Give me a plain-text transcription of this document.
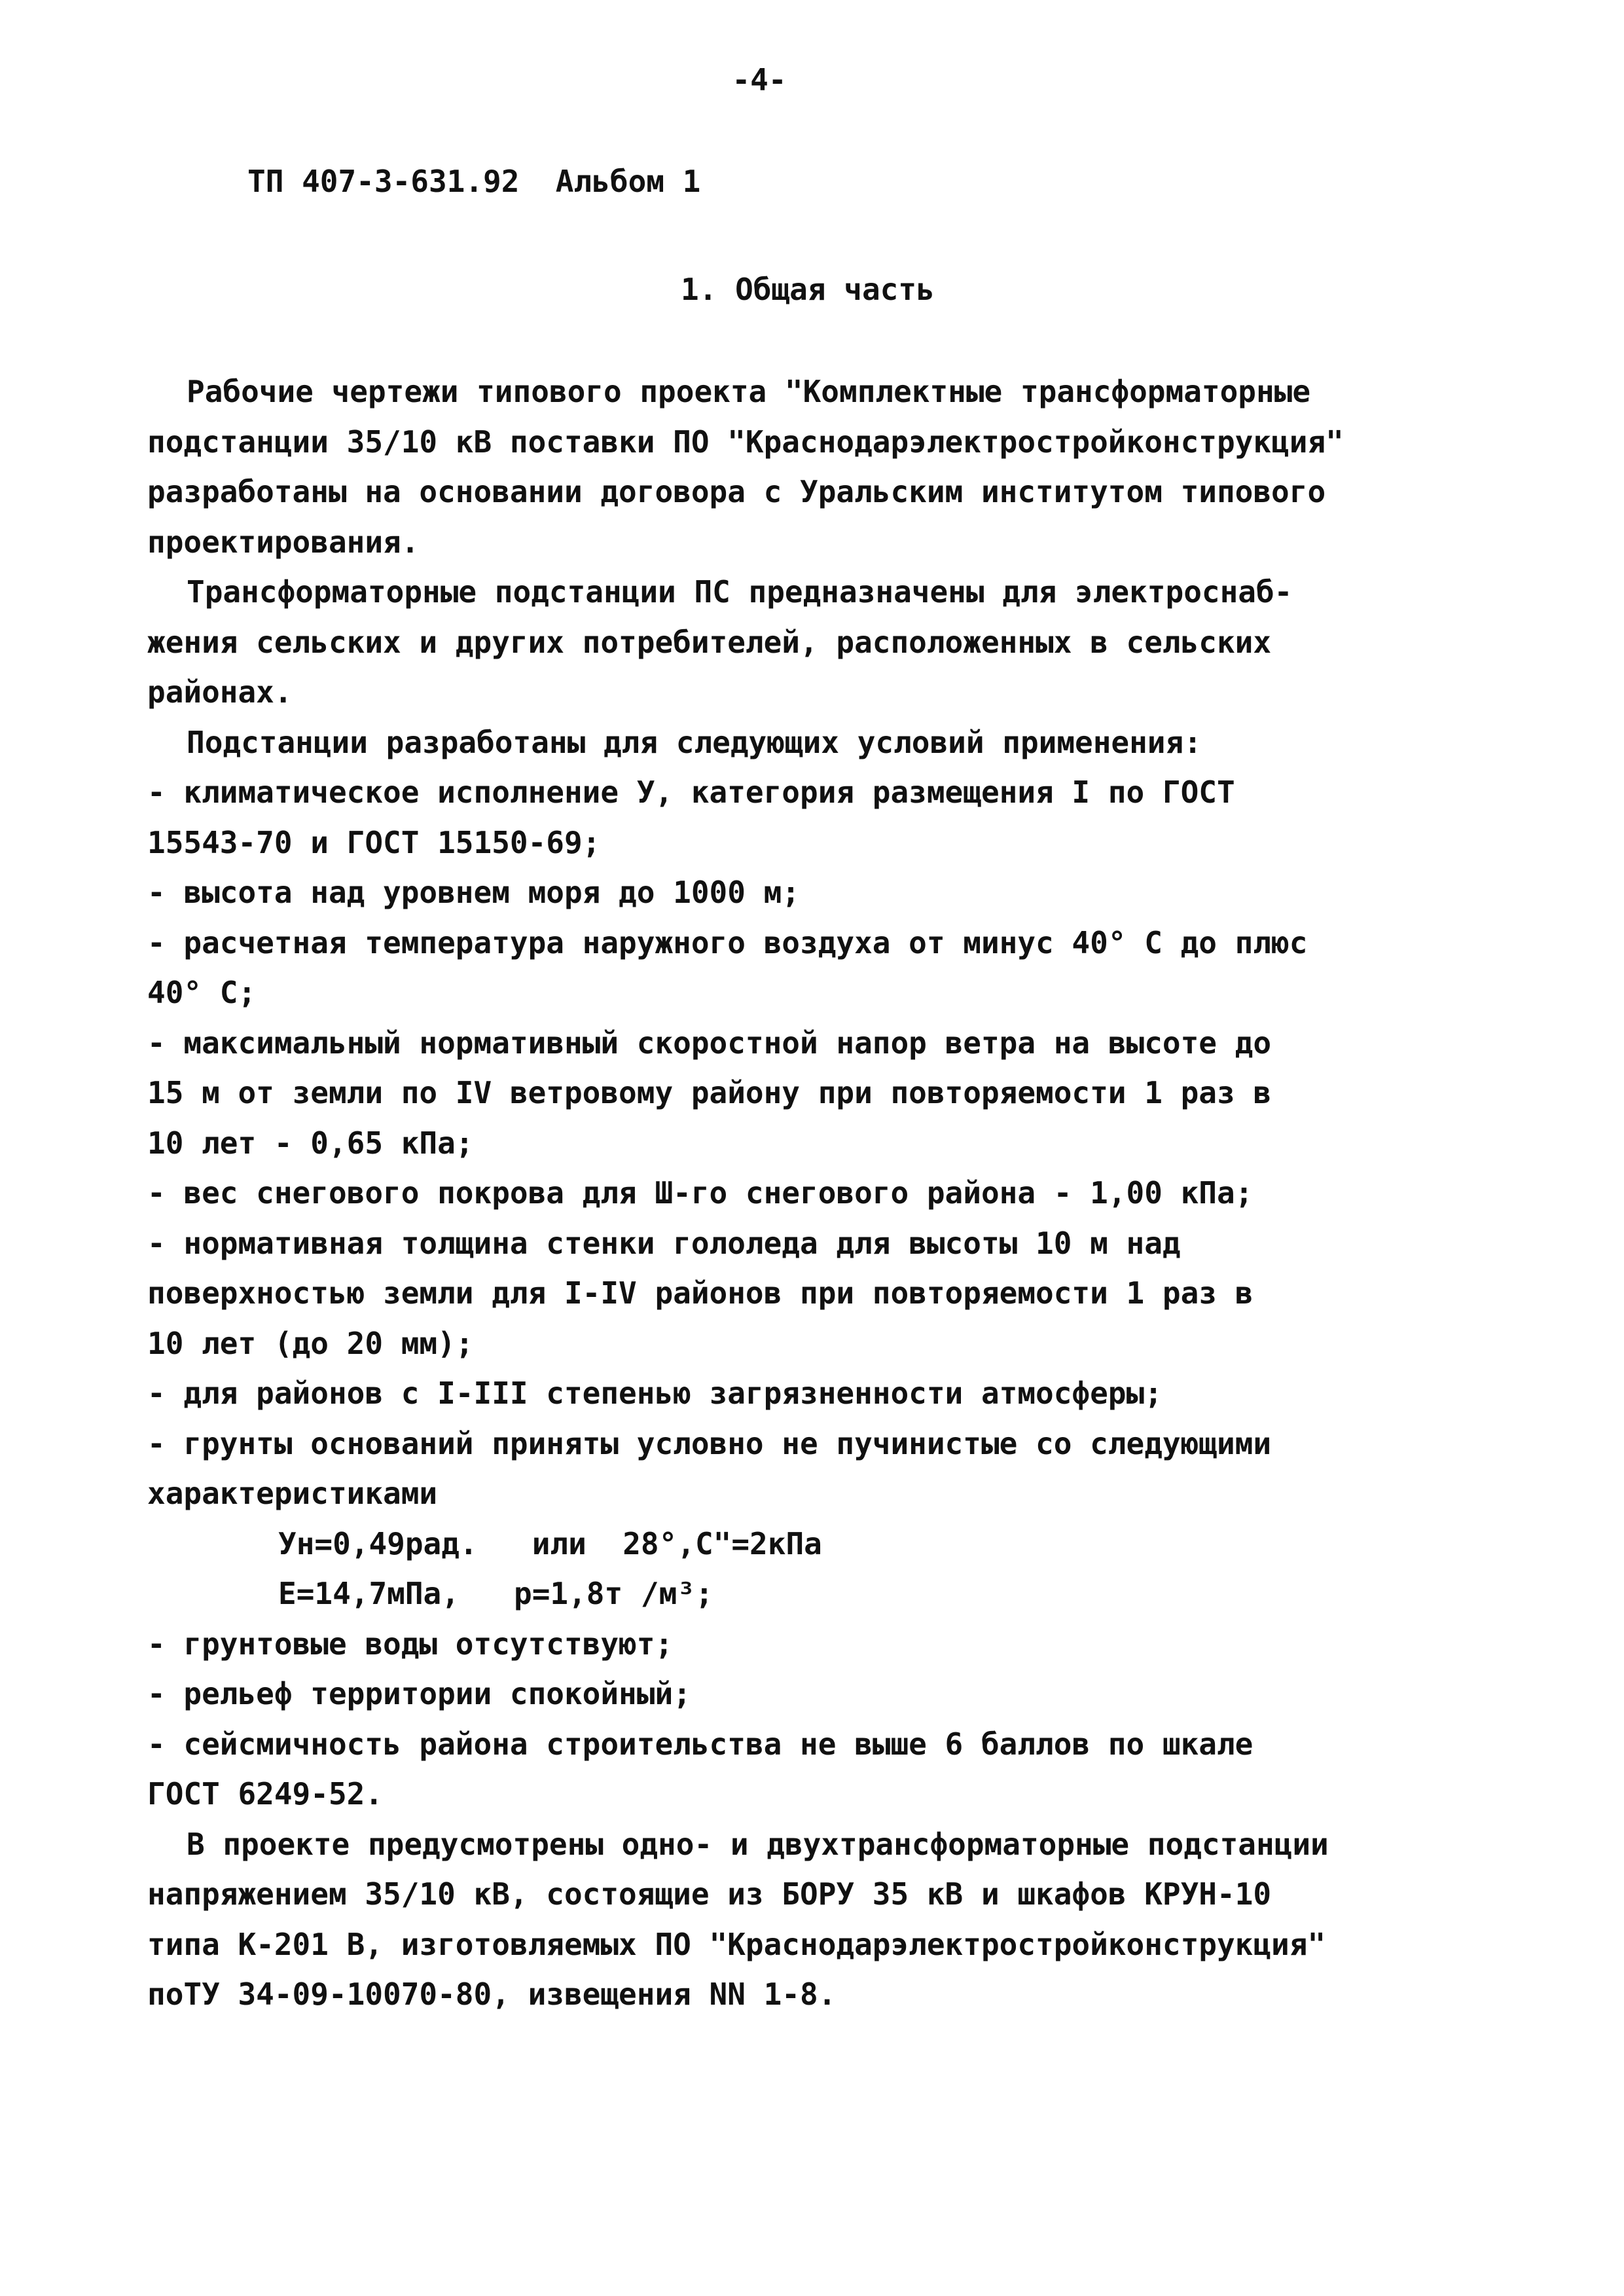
-4-
ТП 407-3-631.92  Альбом 1
1. Общая часть
Рабочие чертежи типового проекта "Комплектные трансформаторные
подстанции 35/10 кВ поставки ПО "Краснодарэлектростройконструкция"
разработаны на основании договора с Уральским институтом типового
проектирования.
Трансформаторные подстанции ПС предназначены для электроснаб-
жения сельских и других потребителей, расположенных в сельских
районах.
Подстанции разработаны для следующих условий применения:
- климатическое исполнение У, категория размещения I по ГОСТ
15543-70 и ГОСТ 15150-69;
- высота над уровнем моря до 1000 м;
- расчетная температура наружного воздуха от минус 40° С до плюс
40° С;
- максимальный нормативный скоростной напор ветра на высоте до
15 м от земли по IV ветровому району при повторяемости 1 раз в
10 лет - 0,65 кПа;
- вес снегового покрова для Ш-го снегового района - 1,00 кПа;
- нормативная толщина стенки гололеда для высоты 10 м над
поверхностью земли для I-IV районов при повторяемости 1 раз в
10 лет (до 20 мм);
- для районов с I-III степенью загрязненности атмосферы;
- грунты оснований приняты условно не пучинистые со следующими
характеристиками
Ун=0,49рад.   или  28°,С"=2кПа
Е=14,7мПа,   р=1,8т /м³;
- грунтовые воды отсутствуют;
- рельеф территории спокойный;
- сейсмичность района строительства не выше 6 баллов по шкале
ГОСТ 6249-52.
В проекте предусмотрены одно- и двухтрансформаторные подстанции
напряжением 35/10 кВ, состоящие из БОРУ 35 кВ и шкафов КРУН-10
типа К-201 В, изготовляемых ПО "Краснодарэлектростройконструкция"
поТУ 34-09-10070-80, извещения NN 1-8.
